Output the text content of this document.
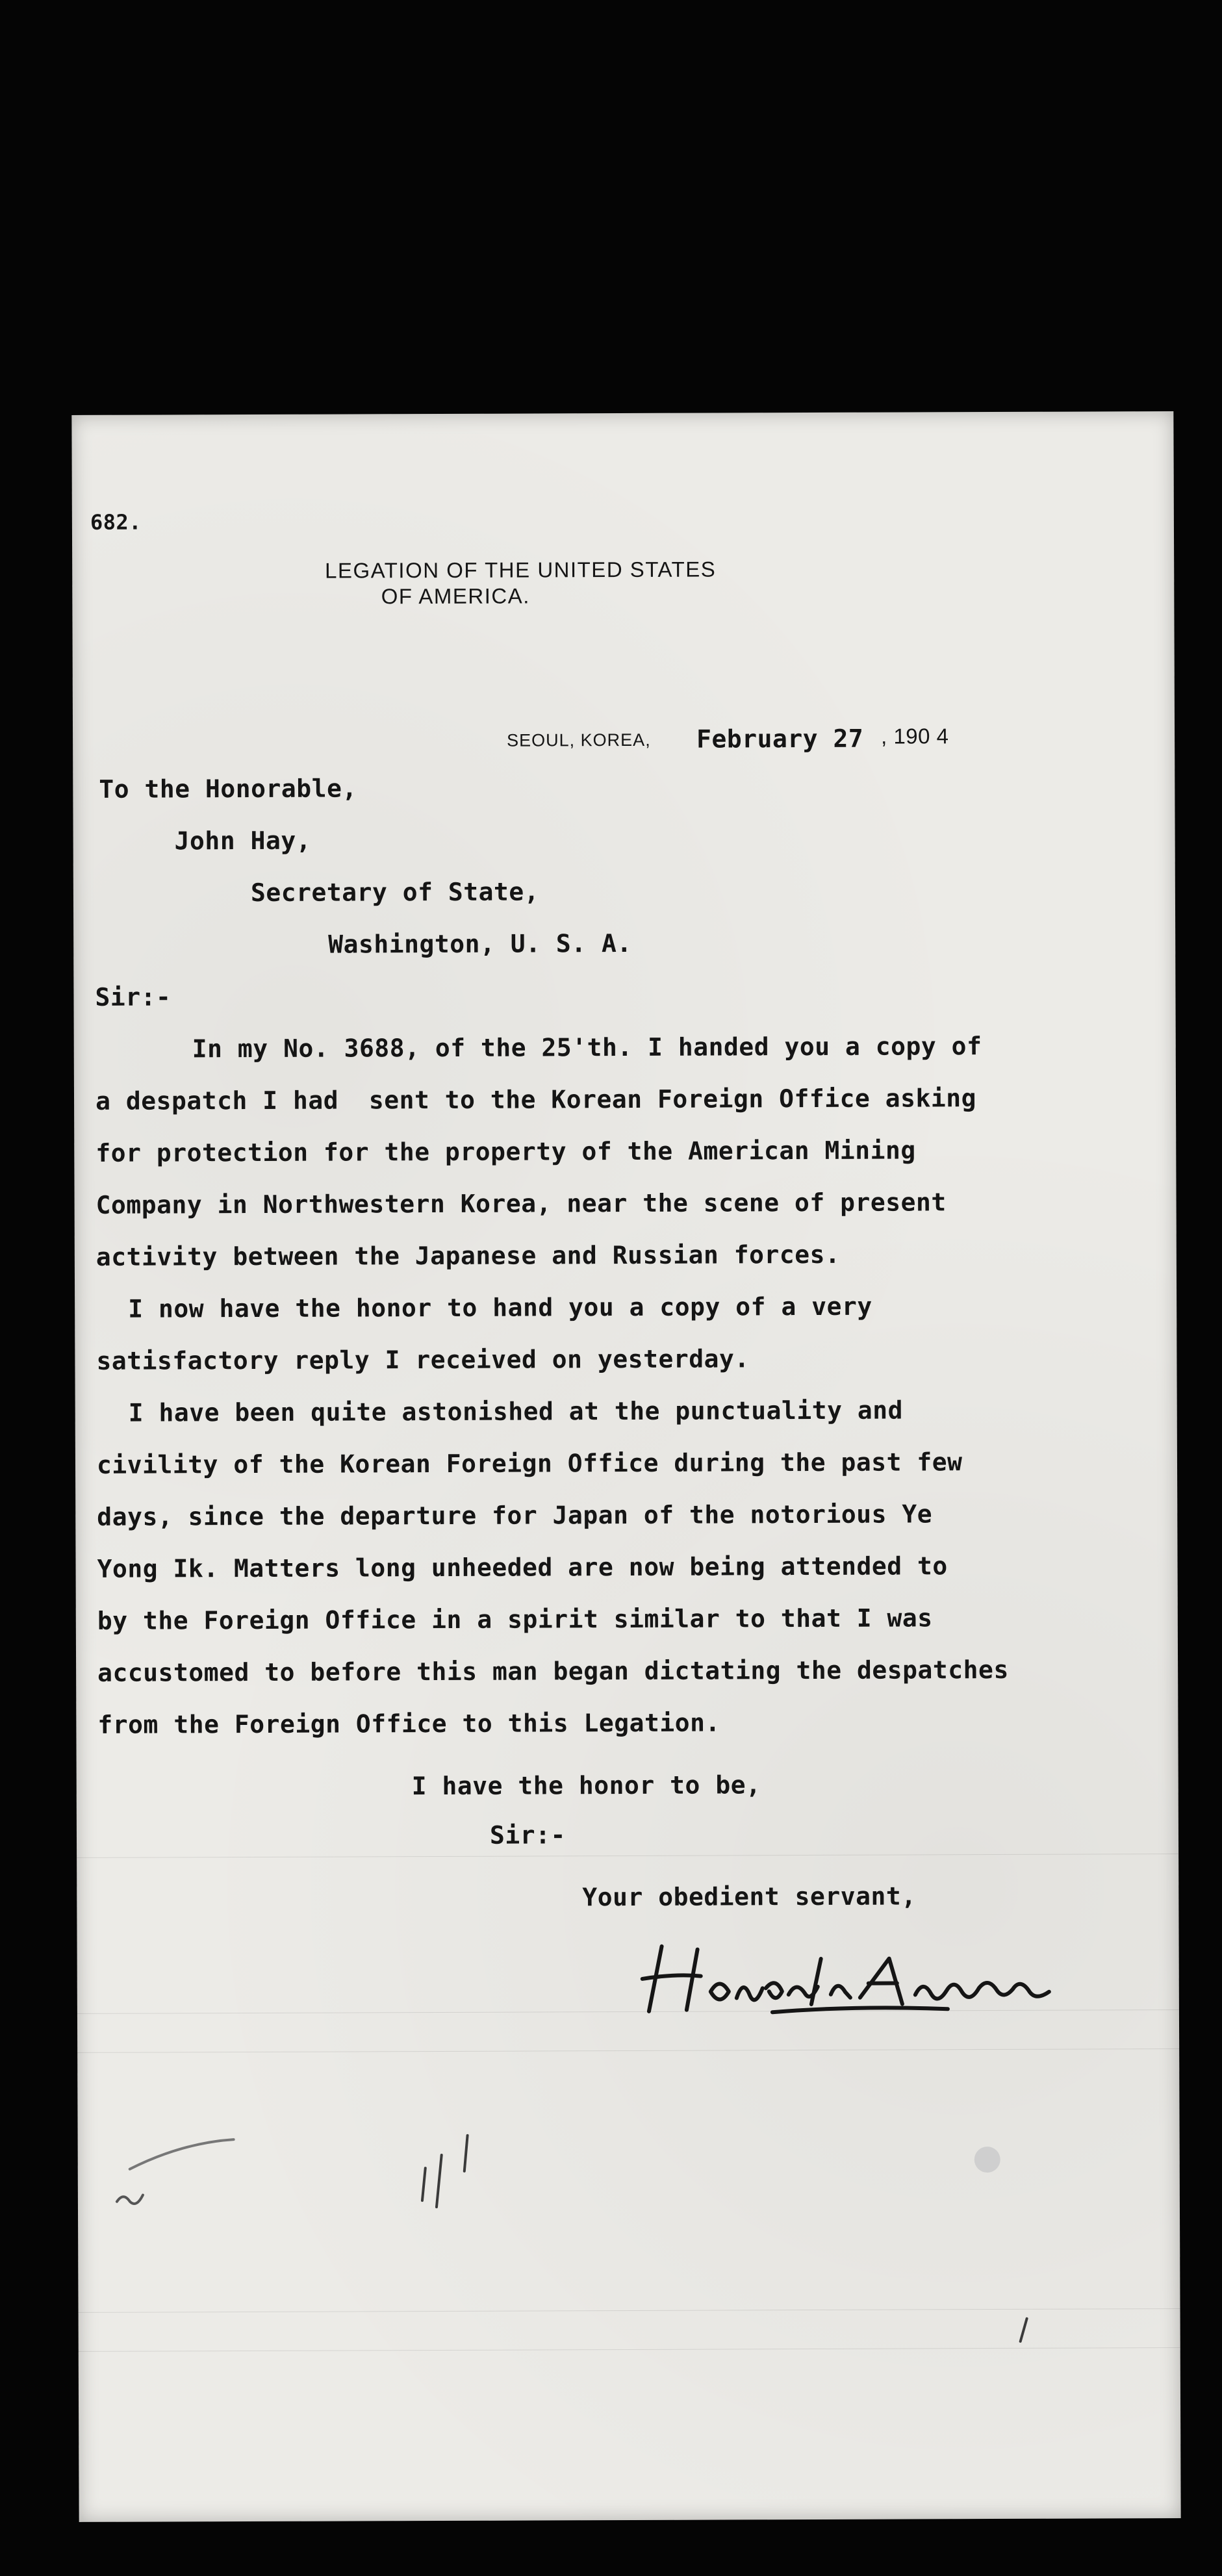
682.
LEGATION OF THE UNITED STATES
OF AMERICA.
SEOUL, KOREA, February 27 , 190 4
To the Honorable,
John Hay,
Secretary of State,
Washington, U. S. A.
Sir:-
In my No. 3688, of the 25'th. I handed you a copy of
a despatch I had  sent to the Korean Foreign Office asking
for protection for the property of the American Mining
Company in Northwestern Korea, near the scene of present
activity between the Japanese and Russian forces.
I now have the honor to hand you a copy of a very
satisfactory reply I received on yesterday.
I have been quite astonished at the punctuality and
civility of the Korean Foreign Office during the past few
days, since the departure for Japan of the notorious Ye
Yong Ik. Matters long unheeded are now being attended to
by the Foreign Office in a spirit similar to that I was
accustomed to before this man began dictating the despatches
from the Foreign Office to this Legation.
I have the honor to be,
Sir:-
Your obedient servant,
